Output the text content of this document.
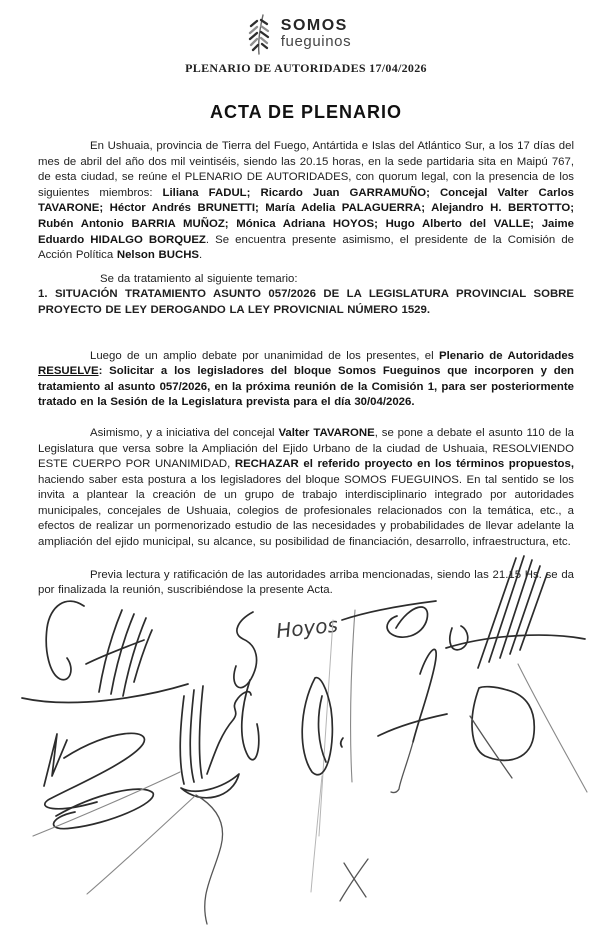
SOMOS
fueguinos
PLENARIO DE AUTORIDADES 17/04/2026
ACTA DE PLENARIO

En Ushuaia, provincia de Tierra del Fuego, Antártida e Islas del Atlántico Sur, a los 17 días del mes de abril del año dos mil veintiséis, siendo las 20.15 horas, en la sede partidaria sita en Maipú 767, de esta ciudad, se reúne el PLENARIO DE AUTORIDADES, con quorum legal, con la presencia de los siguientes miembros: Liliana FADUL; Ricardo Juan GARRAMUÑO; Concejal Valter Carlos TAVARONE; Héctor Andrés BRUNETTI; María Adelia PALAGUERRA; Alejandro H. BERTOTTO; Rubén Antonio BARRIA MUÑOZ; Mónica Adriana HOYOS; Hugo Alberto del VALLE; Jaime Eduardo HIDALGO BORQUEZ. Se encuentra presente asimismo, el presidente de la Comisión de Acción Política Nelson BUCHS.

Se da tratamiento al siguiente temario:

1. SITUACIÓN TRATAMIENTO ASUNTO 057/2026 DE LA LEGISLATURA PROVINCIAL SOBRE PROYECTO DE LEY DEROGANDO LA LEY PROVICNIAL NÚMERO 1529.

Luego de un amplio debate por unanimidad de los presentes, el Plenario de Autoridades RESUELVE: Solicitar a los legisladores del bloque Somos Fueguinos que incorporen y den tratamiento al asunto 057/2026, en la próxima reunión de la Comisión 1, para ser posteriormente tratado en la Sesión de la Legislatura prevista para el día 30/04/2026.

Asimismo, y a iniciativa del concejal Valter TAVARONE, se pone a debate el asunto 110 de la Legislatura que versa sobre la Ampliación del Ejido Urbano de la ciudad de Ushuaia, RESOLVIENDO ESTE CUERPO POR UNANIMIDAD, RECHAZAR el referido proyecto en los términos propuestos, haciendo saber esta postura a los legisladores del bloque SOMOS FUEGUINOS. En tal sentido se los invita a plantear la creación de un grupo de trabajo interdisciplinario integrado por autoridades municipales, concejales de Ushuaia, colegios de profesionales relacionados con la temática, etc., a efectos de realizar un pormenorizado estudio de las necesidades y probabilidades de llevar adelante la ampliación del ejido municipal, su alcance, su posibilidad de financiación, desarrollo, infraestructura, etc.

Previa lectura y ratificación de las autoridades arriba mencionadas, siendo las 21.15 Hs. se da por finalizada la reunión, suscribiéndose la presente Acta.

Hoyos
